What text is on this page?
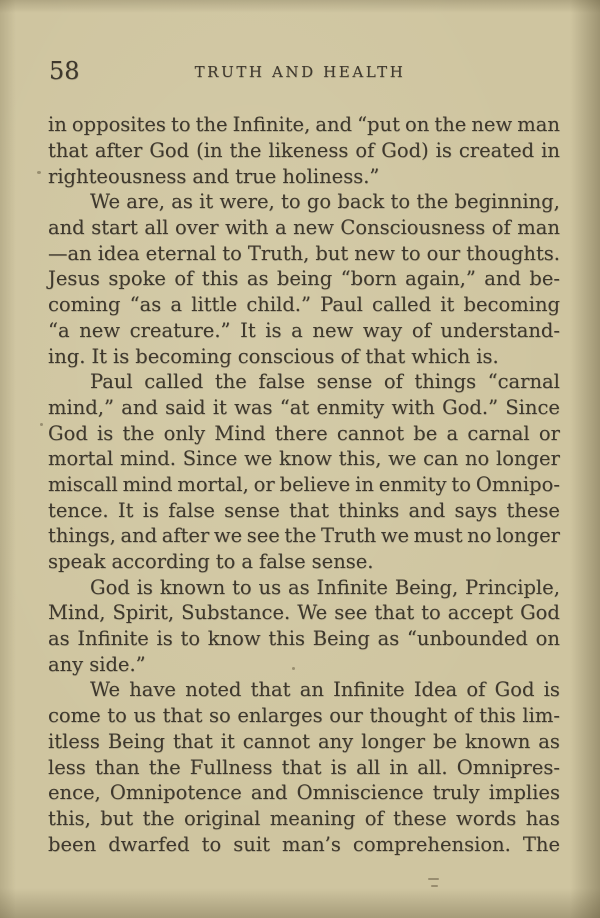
58	TRUTH AND HEALTH
in opposites to the Infinite, and “put on the new man
that after God (in the likeness of God) is created in
righteousness and true holiness.”
We are, as it were, to go back to the beginning,
and start all over with a new Consciousness of man
—an idea eternal to Truth, but new to our thoughts.
Jesus spoke of this as being “born again,” and be-
coming “as a little child.” Paul called it becoming
“a new creature.” It is a new way of understand-
ing. It is becoming conscious of that which is.
Paul called the false sense of things “carnal
mind,” and said it was “at enmity with God.” Since
God is the only Mind there cannot be a carnal or
mortal mind. Since we know this, we can no longer
miscall mind mortal, or believe in enmity to Omnipo-
tence. It is false sense that thinks and says these
things, and after we see the Truth we must no longer
speak according to a false sense.
God is known to us as Infinite Being, Principle,
Mind, Spirit, Substance. We see that to accept God
as Infinite is to know this Being as “unbounded on
any side.”
We have noted that an Infinite Idea of God is
come to us that so enlarges our thought of this lim-
itless Being that it cannot any longer be known as
less than the Fullness that is all in all. Omnipres-
ence, Omnipotence and Omniscience truly implies
this, but the original meaning of these words has
been dwarfed to suit man’s comprehension. The
